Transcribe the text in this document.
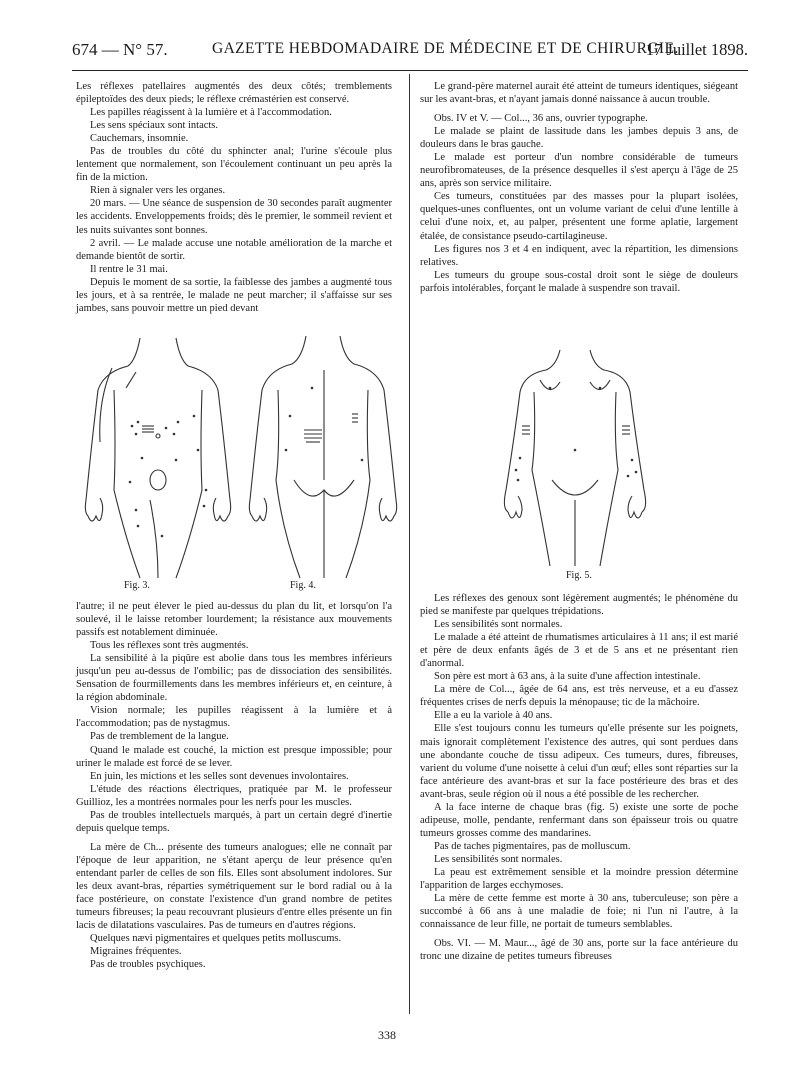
674 — N° 57.	GAZETTE HEBDOMADAIRE DE MÉDECINE ET DE CHIRURGIE.
17 Juillet 1898.

Les réflexes patellaires augmentés des deux côtés; tremblements épileptoïdes des deux pieds; le réflexe crémastérien est conservé.

Les papilles réagissent à la lumière et à l'accommodation.

Les sens spéciaux sont intacts.

Cauchemars, insomnie.

Pas de troubles du côté du sphincter anal; l'urine s'écoule plus lentement que normalement, son l'écoulement continuant un peu après la fin de la miction.

Rien à signaler vers les organes.

20 mars. — Une séance de suspension de 30 secondes paraît augmenter les accidents. Enveloppements froids; dès le premier, le sommeil revient et les nuits suivantes sont bonnes.

2 avril. — Le malade accuse une notable amélioration de la marche et demande bientôt de sortir.

Il rentre le 31 mai.

Depuis le moment de sa sortie, la faiblesse des jambes a augmenté tous les jours, et à sa rentrée, le malade ne peut marcher; il s'affaisse sur ses jambes, sans pouvoir mettre un pied devant

Fig. 3.	Fig. 4.

l'autre; il ne peut élever le pied au-dessus du plan du lit, et lorsqu'on l'a soulevé, il le laisse retomber lourdement; la résistance aux mouvements passifs est notablement diminuée.

Tous les réflexes sont très augmentés.

La sensibilité à la piqûre est abolie dans tous les membres inférieurs jusqu'un peu au-dessus de l'ombilic; pas de dissociation des sensibilités. Sensation de fourmillements dans les membres inférieurs et, en ceinture, à la région abdominale.

Vision normale; les pupilles réagissent à la lumière et à l'accommodation; pas de nystagmus.

Pas de tremblement de la langue.

Quand le malade est couché, la miction est presque impossible; pour uriner le malade est forcé de se lever.

En juin, les mictions et les selles sont devenues involontaires.

L'étude des réactions électriques, pratiquée par M. le professeur Guillioz, les a montrées normales pour les nerfs pour les muscles.

Pas de troubles intellectuels marqués, à part un certain degré d'inertie depuis quelque temps.

La mère de Ch... présente des tumeurs analogues; elle ne connaît par l'époque de leur apparition, ne s'étant aperçu de leur présence qu'en entendant parler de celles de son fils. Elles sont absolument indolores. Sur les deux avant-bras, réparties symétriquement sur le bord radial ou à la face postérieure, on constate l'existence d'un grand nombre de petites tumeurs fibreuses; la peau recouvrant plusieurs d'entre elles présente un fin lacis de dilatations vasculaires. Pas de tumeurs en d'autres régions.

Quelques nævi pigmentaires et quelques petits molluscums.

Migraines fréquentes.

Pas de troubles psychiques.

Le grand-père maternel aurait été atteint de tumeurs identiques, siégeant sur les avant-bras, et n'ayant jamais donné naissance à aucun trouble.

Obs. IV et V. — Col..., 36 ans, ouvrier typographe.

Le malade se plaint de lassitude dans les jambes depuis 3 ans, de douleurs dans le bras gauche.

Le malade est porteur d'un nombre considérable de tumeurs neurofibromateuses, de la présence desquelles il s'est aperçu à l'âge de 25 ans, après son service militaire.

Ces tumeurs, constituées par des masses pour la plupart isolées, quelques-unes confluentes, ont un volume variant de celui d'une lentille à celui d'une noix, et, au palper, présentent une forme aplatie, largement étalée, de consistance pseudo-cartilagineuse.

Les figures nos 3 et 4 en indiquent, avec la répartition, les dimensions relatives.

Les tumeurs du groupe sous-costal droit sont le siège de douleurs parfois intolérables, forçant le malade à suspendre son travail.

Fig. 5.

Les réflexes des genoux sont légèrement augmentés; le phénomène du pied se manifeste par quelques trépidations.

Les sensibilités sont normales.

Le malade a été atteint de rhumatismes articulaires à 11 ans; il est marié et père de deux enfants âgés de 3 et de 5 ans et ne présentant rien d'anormal.

Son père est mort à 63 ans, à la suite d'une affection intestinale.

La mère de Col..., âgée de 64 ans, est très nerveuse, et a eu d'assez fréquentes crises de nerfs depuis la ménopause; tic de la mâchoire.

Elle a eu la variole à 40 ans.

Elle s'est toujours connu les tumeurs qu'elle présente sur les poignets, mais ignorait complètement l'existence des autres, qui sont perdues dans une abondante couche de tissu adipeux. Ces tumeurs, dures, fibreuses, varient du volume d'une noisette à celui d'un œuf; elles sont réparties sur la face antérieure des avant-bras et sur la face postérieure des bras et des avant-bras, seule région où il nous a été possible de les rechercher.

A la face interne de chaque bras (fig. 5) existe une sorte de poche adipeuse, molle, pendante, renfermant dans son épaisseur trois ou quatre tumeurs grosses comme des mandarines.

Pas de taches pigmentaires, pas de molluscum.

Les sensibilités sont normales.

La peau est extrêmement sensible et la moindre pression détermine l'apparition de larges ecchymoses.

La mère de cette femme est morte à 30 ans, tuberculeuse; son père a succombé à 66 ans à une maladie de foie; ni l'un ni l'autre, à la connaissance de leur fille, ne portait de tumeurs semblables.

Obs. VI. — M. Maur..., âgé de 30 ans, porte sur la face antérieure du tronc une dizaine de petites tumeurs fibreuses

338
